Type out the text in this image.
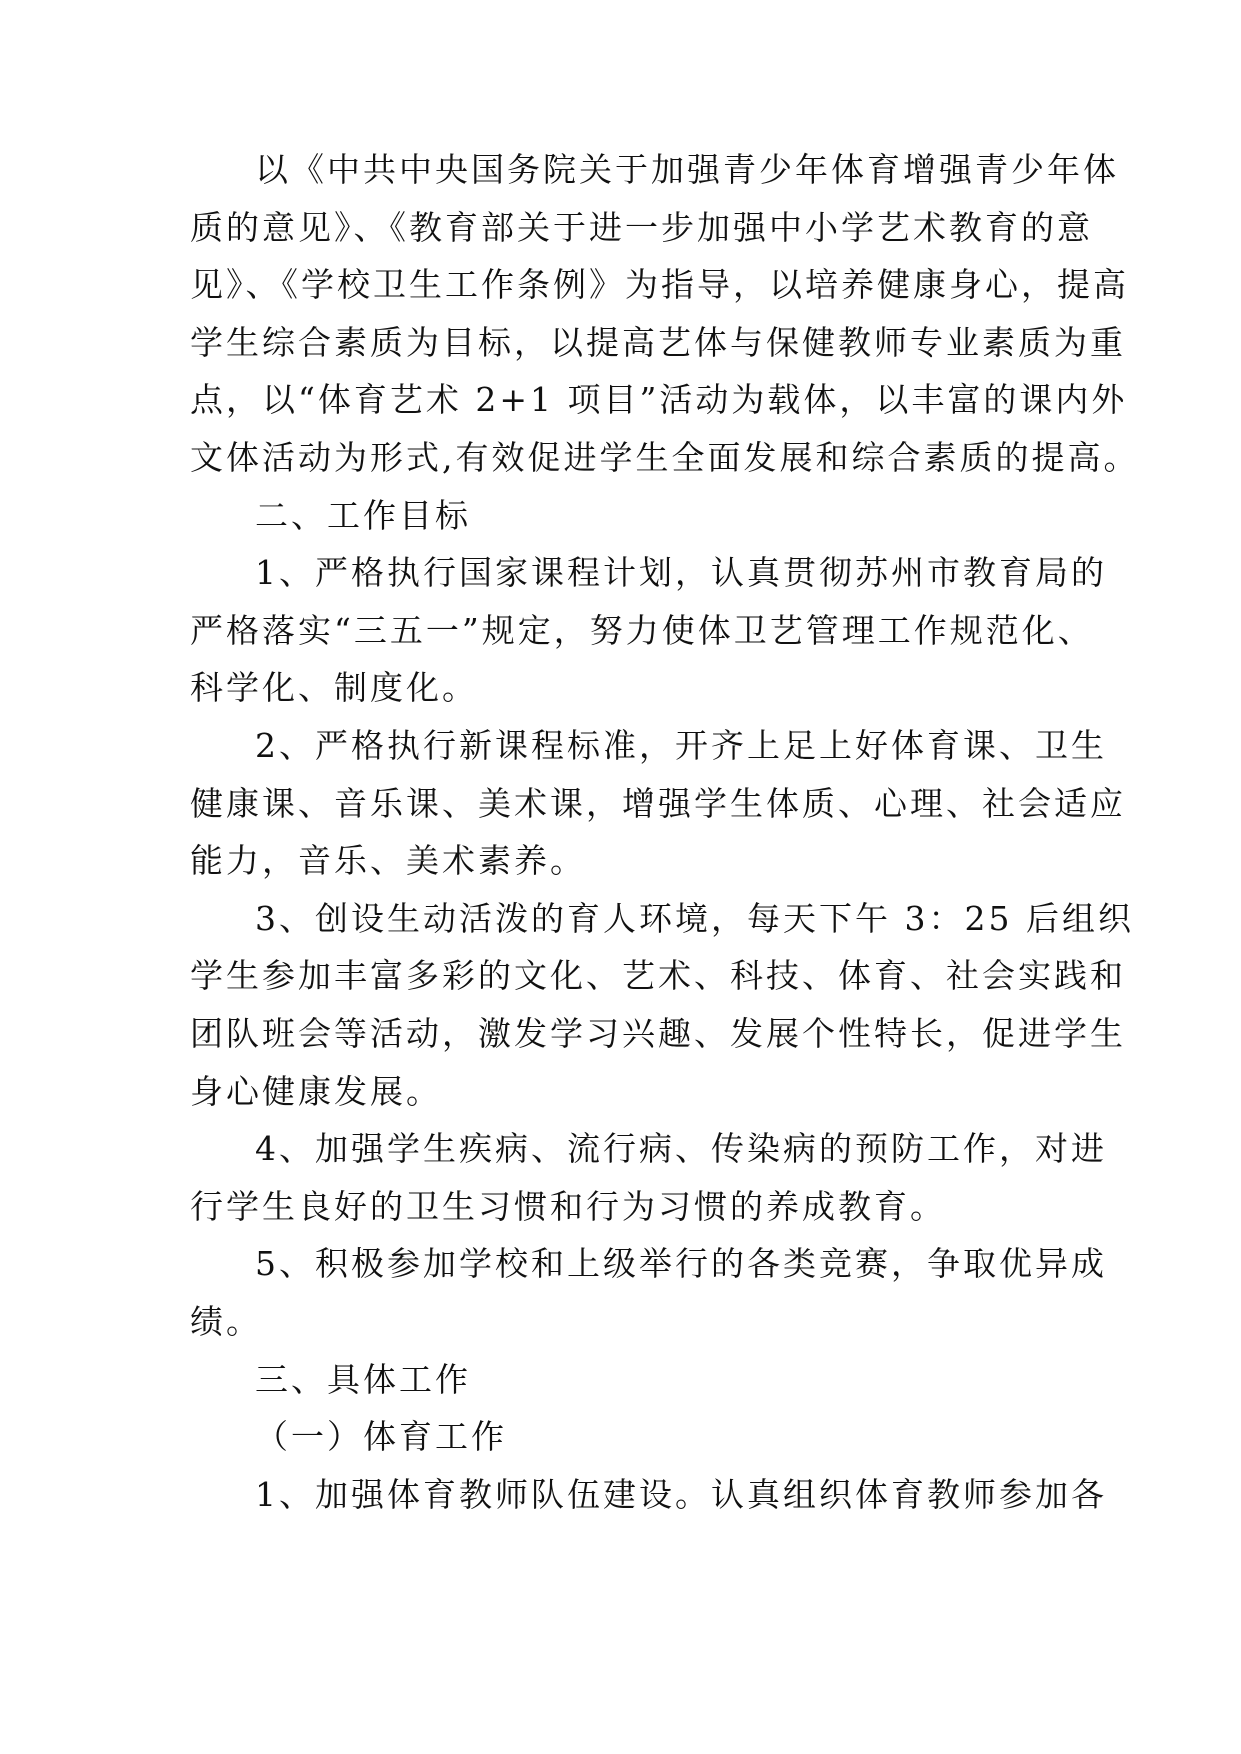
以《中共中央国务院关于加强青少年体育增强青少年体
质的意见》、《教育部关于进一步加强中小学艺术教育的意
见》、《学校卫生工作条例》为指导，以培养健康身心，提高
学生综合素质为目标，以提高艺体与保健教师专业素质为重
点，以“体育艺术 2+1 项目”活动为载体，以丰富的课内外
文体活动为形式,有效促进学生全面发展和综合素质的提高。
二、工作目标
1、严格执行国家课程计划，认真贯彻苏州市教育局的
严格落实“三五一”规定，努力使体卫艺管理工作规范化、
科学化、制度化。
2、严格执行新课程标准，开齐上足上好体育课、卫生
健康课、音乐课、美术课，增强学生体质、心理、社会适应
能力，音乐、美术素养。
3、创设生动活泼的育人环境，每天下午 3：25 后组织
学生参加丰富多彩的文化、艺术、科技、体育、社会实践和
团队班会等活动，激发学习兴趣、发展个性特长，促进学生
身心健康发展。
4、加强学生疾病、流行病、传染病的预防工作，对进
行学生良好的卫生习惯和行为习惯的养成教育。
5、积极参加学校和上级举行的各类竞赛，争取优异成
绩。
三、具体工作
（一）体育工作
1、加强体育教师队伍建设。认真组织体育教师参加各
